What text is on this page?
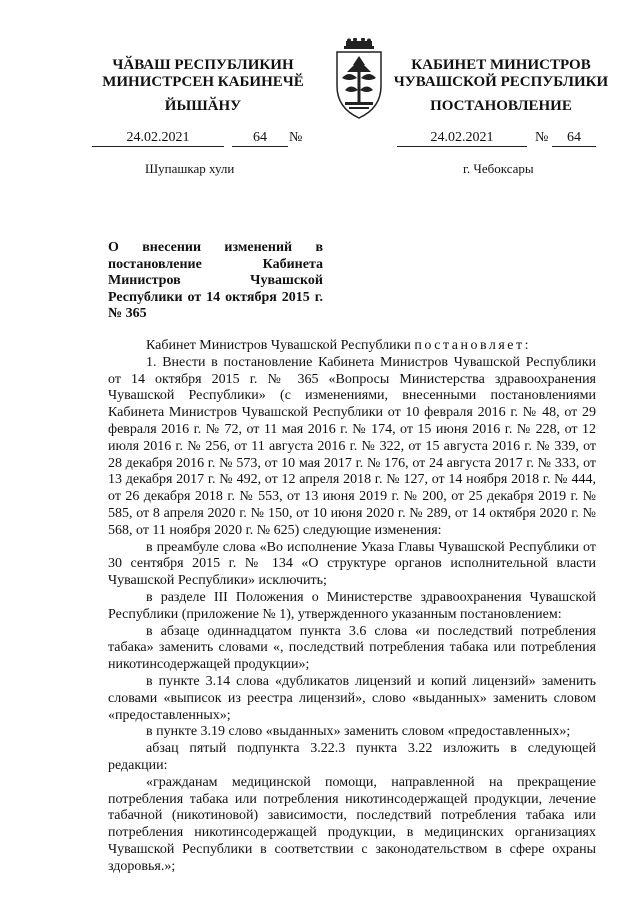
ЧӐВАШ РЕСПУБЛИКИН
МИНИСТРСЕН КАБИНЕЧӖ
ЙЫШӐНУ
КАБИНЕТ МИНИСТРОВ
ЧУВАШСКОЙ РЕСПУБЛИКИ
ПОСТАНОВЛЕНИЕ
24.02.2021	64	№	24.02.2021	№	64
Шупашкар хули	г. Чебоксары
О внесении изменений в постановление Кабинета Министров Чувашской Республики от 14 октября 2015 г. № 365

Кабинет Министров Чувашской Республики постановляет:

1. Внести в постановление Кабинета Министров Чувашской Республики от 14 октября 2015 г. № 365 «Вопросы Министерства здравоохранения Чувашской Республики» (с изменениями, внесенными постановлениями Кабинета Министров Чувашской Республики от 10 февраля 2016 г. № 48, от 29 февраля 2016 г. № 72, от 11 мая 2016 г. № 174, от 15 июня 2016 г. № 228, от 12 июля 2016 г. № 256, от 11 августа 2016 г. № 322, от 15 августа 2016 г. № 339, от 28 декабря 2016 г. № 573, от 10 мая 2017 г. № 176, от 24 августа 2017 г. № 333, от 13 декабря 2017 г. № 492, от 12 апреля 2018 г. № 127, от 14 ноября 2018 г. № 444, от 26 декабря 2018 г. № 553, от 13 июня 2019 г. № 200, от 25 декабря 2019 г. № 585, от 8 апреля 2020 г. № 150, от 10 июня 2020 г. № 289, от 14 октября 2020 г. № 568, от 11 ноября 2020 г. № 625) следующие изменения:

в преамбуле слова «Во исполнение Указа Главы Чувашской Республики от 30 сентября 2015 г. № 134 «О структуре органов исполнительной власти Чувашской Республики» исключить;

в разделе III Положения о Министерстве здравоохранения Чувашской Республики (приложение № 1), утвержденного указанным постановлением:

в абзаце одиннадцатом пункта 3.6 слова «и последствий потребления табака» заменить словами «, последствий потребления табака или потребления никотинсодержащей продукции»;

в пункте 3.14 слова «дубликатов лицензий и копий лицензий» заменить словами «выписок из реестра лицензий», слово «выданных» заменить словом «предоставленных»;

в пункте 3.19 слово «выданных» заменить словом «предоставленных»;

абзац пятый подпункта 3.22.3 пункта 3.22 изложить в следующей редакции:

«гражданам медицинской помощи, направленной на прекращение потребления табака или потребления никотинсодержащей продукции, лечение табачной (никотиновой) зависимости, последствий потребления табака или потребления никотинсодержащей продукции, в медицинских организациях Чувашской Республики в соответствии с законодательством в сфере охраны здоровья.»;
